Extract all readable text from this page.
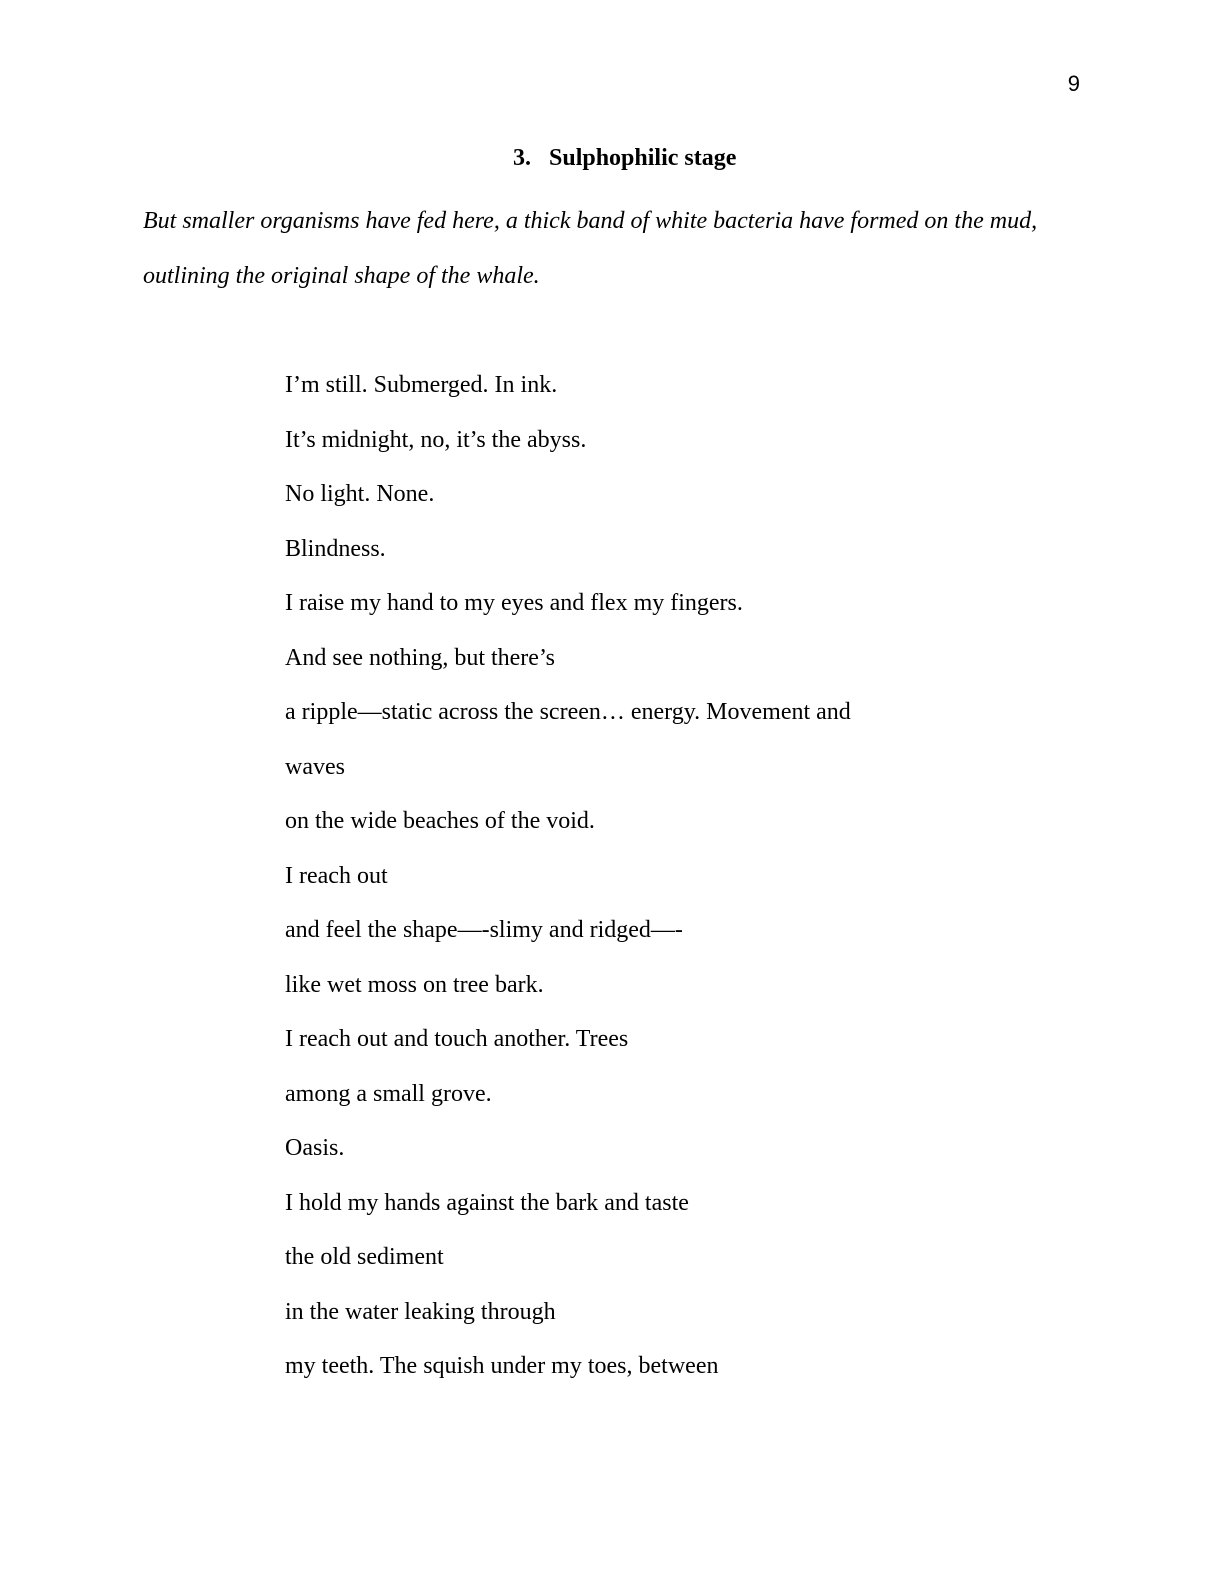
9
3. Sulphophilic stage
But smaller organisms have fed here, a thick band of white bacteria have formed on the mud,
outlining the original shape of the whale.
I’m still. Submerged. In ink.
It’s midnight, no, it’s the abyss.
No light. None.
Blindness.
I raise my hand to my eyes and flex my fingers.
And see nothing, but there’s
a ripple—static across the screen… energy. Movement and
waves
on the wide beaches of the void.
I reach out
and feel the shape—-slimy and ridged—-
like wet moss on tree bark.
I reach out and touch another. Trees
among a small grove.
Oasis.
I hold my hands against the bark and taste
the old sediment
in the water leaking through
my teeth. The squish under my toes, between
